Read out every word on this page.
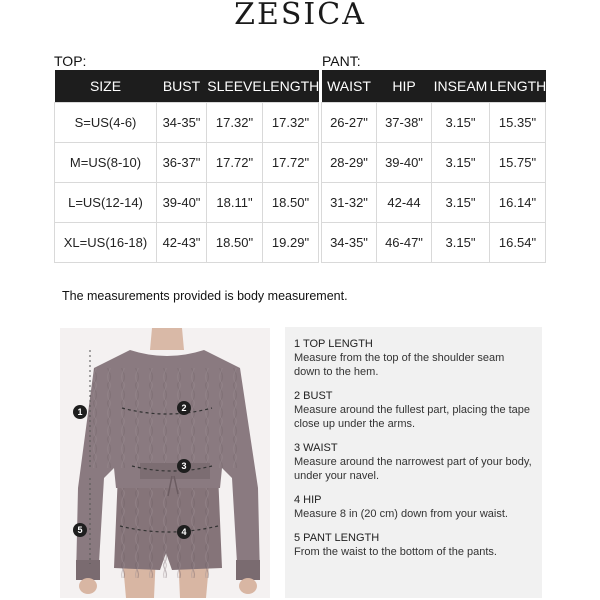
ZESICA
TOP:	PANT:
SIZE	BUST	SLEEVE	LENGTH
S=US(4-6)	34-35"	17.32"	17.32"
M=US(8-10)	36-37"	17.72"	17.72"
L=US(12-14)	39-40"	18.11"	18.50"
XL=US(16-18)	42-43"	18.50"	19.29"
WAIST	HIP	INSEAM	LENGTH
26-27"	37-38"	3.15"	15.35"
28-29"	39-40"	3.15"	15.75"
31-32"	42-44	3.15"	16.14"
34-35"	46-47"	3.15"	16.54"
The measurements provided is body measurement.
1	2
3
4
5
1 TOP LENGTH
Measure from the top of the shoulder seam down to the hem.
2 BUST
Measure around the fullest part, placing the tape close up under the arms.
3 WAIST
Measure around the narrowest part of your body, under your navel.
4 HIP
Measure 8 in (20 cm) down from your waist.
5 PANT LENGTH
From the waist to the bottom of the pants.
